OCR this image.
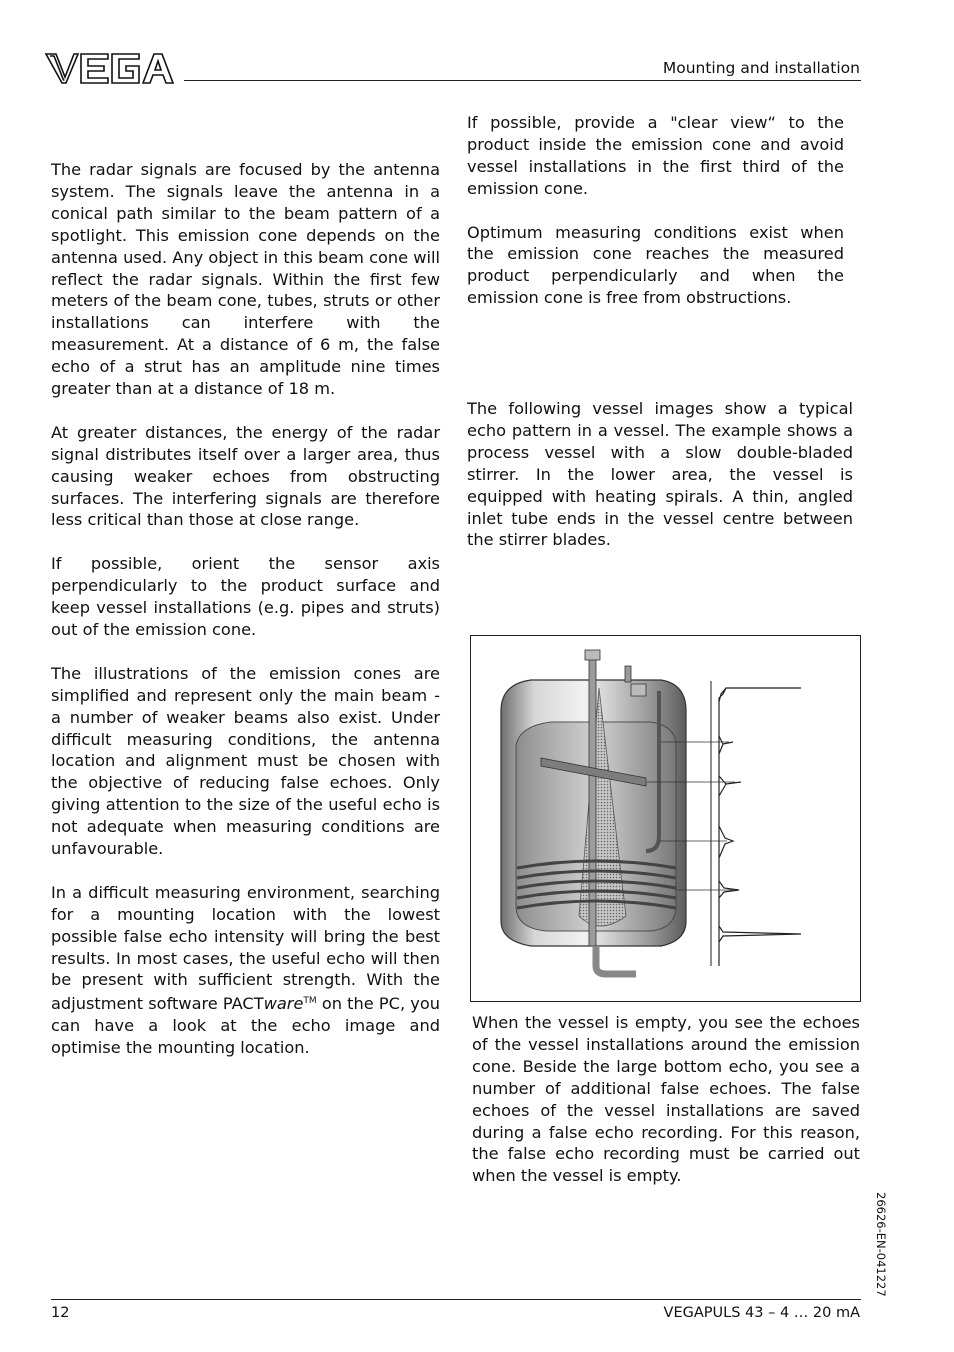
Mounting and installation

The radar signals are focused by the antenna system. The signals leave the antenna in a conical path similar to the beam pattern of a spotlight. This emission cone depends on the antenna used. Any object in this beam cone will reflect the radar signals. Within the first few meters of the beam cone, tubes, struts or other installations can interfere with the measurement. At a distance of 6 m, the false echo of a strut has an amplitude nine times greater than at a distance of 18 m.

At greater distances, the energy of the radar signal distributes itself over a larger area, thus causing weaker echoes from obstructing surfaces. The interfering signals are therefore less critical than those at close range.

If possible, orient the sensor axis perpendicularly to the product surface and keep vessel installations (e.g. pipes and struts) out of the emission cone.

The illustrations of the emission cones are simplified and represent only the main beam - a number of weaker beams also exist. Under difficult measuring conditions, the antenna location and alignment must be chosen with the objective of reducing false echoes. Only giving attention to the size of the useful echo is not adequate when measuring conditions are unfavourable.

In a difficult measuring environment, searching for a mounting location with the lowest possible false echo intensity will bring the best results. In most cases, the useful echo will then be present with sufficient strength. With the adjustment software PACTware™ on the PC, you can have a look at the echo image and optimise the mounting location.

If possible, provide a "clear view“ to the product inside the emission cone and avoid vessel installations in the first third of the emission cone.

Optimum measuring conditions exist when the emission cone reaches the measured product perpendicularly and when the emission cone is free from obstructions.

The following vessel images show a typical echo pattern in a vessel. The example shows a process vessel with a slow double-bladed stirrer. In the lower area, the vessel is equipped with heating spirals. A thin, angled inlet tube ends in the vessel centre between the stirrer blades.

When the vessel is empty, you see the echoes of the vessel installations around the emission cone. Beside the large bottom echo, you see a number of additional false echoes. The false echoes of the vessel installations are saved during a false echo recording. For this reason, the false echo recording must be carried out when the vessel is empty.
26626-EN-041227
12	VEGAPULS 43 – 4 … 20 mA
